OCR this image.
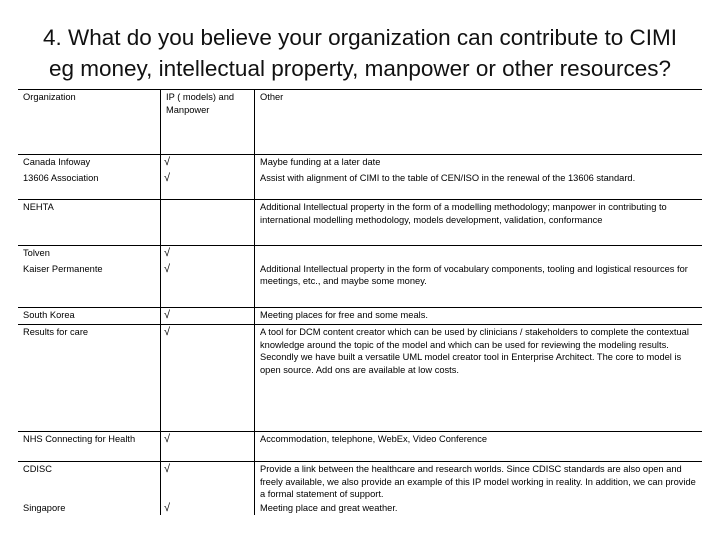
4. What do you believe your organization can contribute to CIMI
eg money, intellectual property, manpower or other resources?
Organization	IP ( models) and Manpower	Other
Canada Infoway	√	Maybe funding at a later date
13606 Association	√	Assist with alignment of CIMI to the table of CEN/ISO in the renewal of the 13606 standard.
NEHTA		Additional Intellectual property in the form of a modelling methodology; manpower in contributing to international modelling methodology, models development, validation, conformance
Tolven	√	
Kaiser Permanente	√	Additional Intellectual property in the form of vocabulary components, tooling and logistical resources for meetings, etc., and maybe some money.
South Korea	√	Meeting places for free and some meals.
Results for care	√	A tool for DCM content creator which can be used by clinicians / stakeholders to complete the contextual knowledge around the topic of the model and which can be used for reviewing the modeling results.
Secondly we have built a versatile UML model creator tool in Enterprise Architect. The core to model is open source. Add ons are available at low costs.

NHS Connecting for Health	√	Accommodation, telephone, WebEx, Video Conference
CDISC	√	Provide a link between the healthcare and research worlds. Since CDISC standards are also open and freely available, we also provide an example of this IP model working in reality. In addition, we can provide a formal statement of support.
Singapore	√	Meeting place and great weather.
